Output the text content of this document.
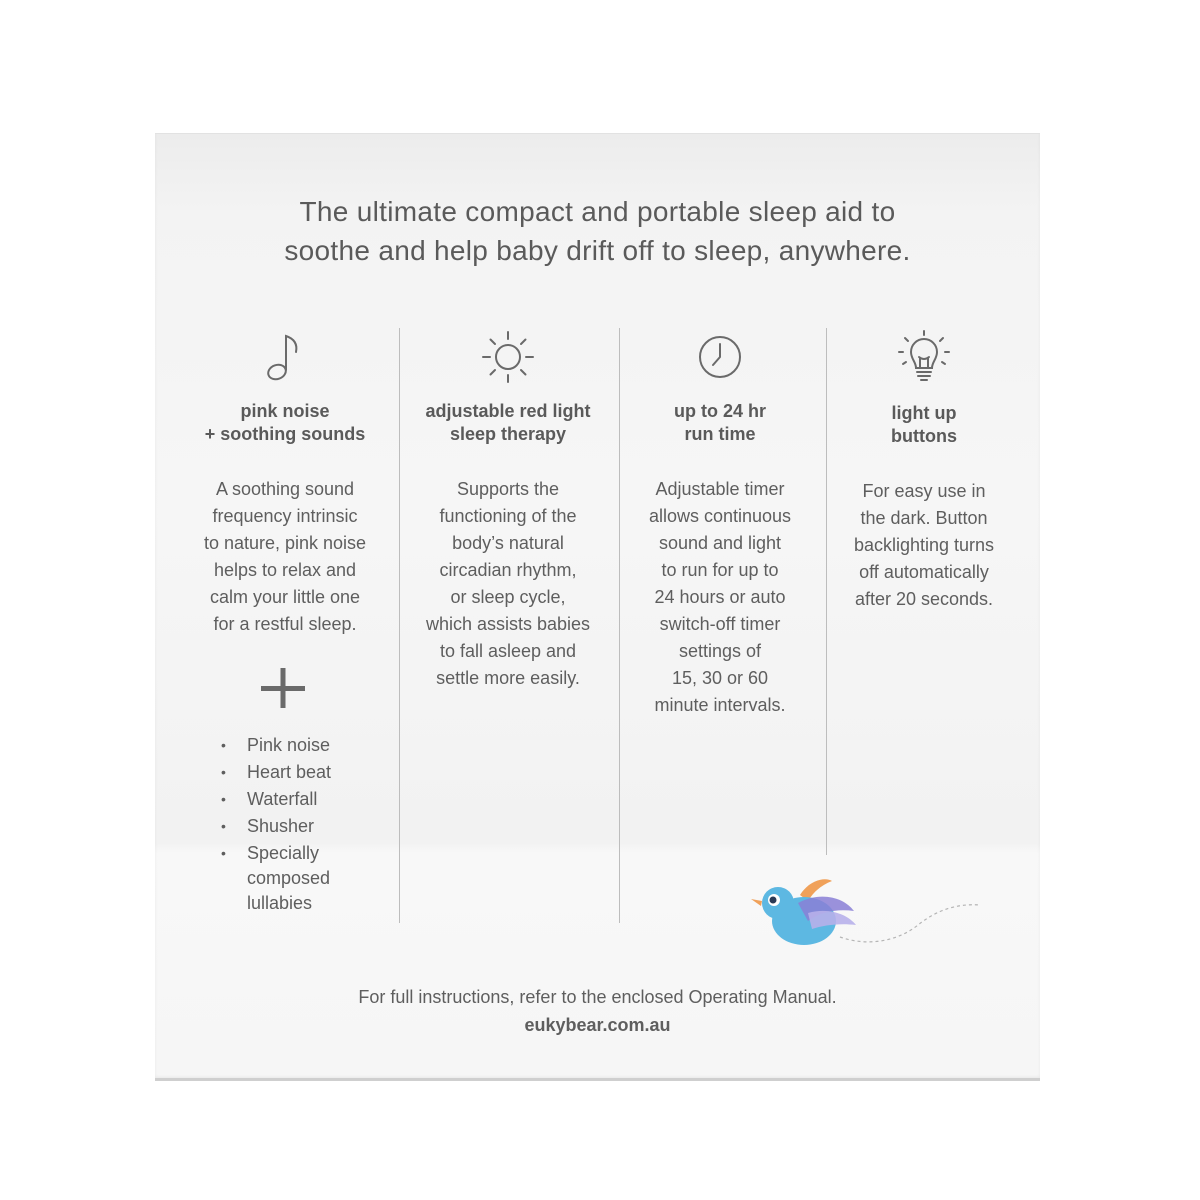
The ultimate compact and portable sleep aid to
soothe and help baby drift off to sleep, anywhere.
pink noise
+ soothing sounds
A soothing sound
frequency intrinsic
to nature, pink noise
helps to relax and
calm your little one
for a restful sleep.
• Pink noise
• Heart beat
• Waterfall
• Shusher
• Specially
composed
lullabies
adjustable red light
sleep therapy
Supports the
functioning of the
body’s natural
circadian rhythm,
or sleep cycle,
which assists babies
to fall asleep and
settle more easily.
up to 24 hr
run time
Adjustable timer
allows continuous
sound and light
to run for up to
24 hours or auto
switch-off timer
settings of
15, 30 or 60
minute intervals.
light up
buttons
For easy use in
the dark. Button
backlighting turns
off automatically
after 20 seconds.
For full instructions, refer to the enclosed Operating Manual.
eukybear.com.au
